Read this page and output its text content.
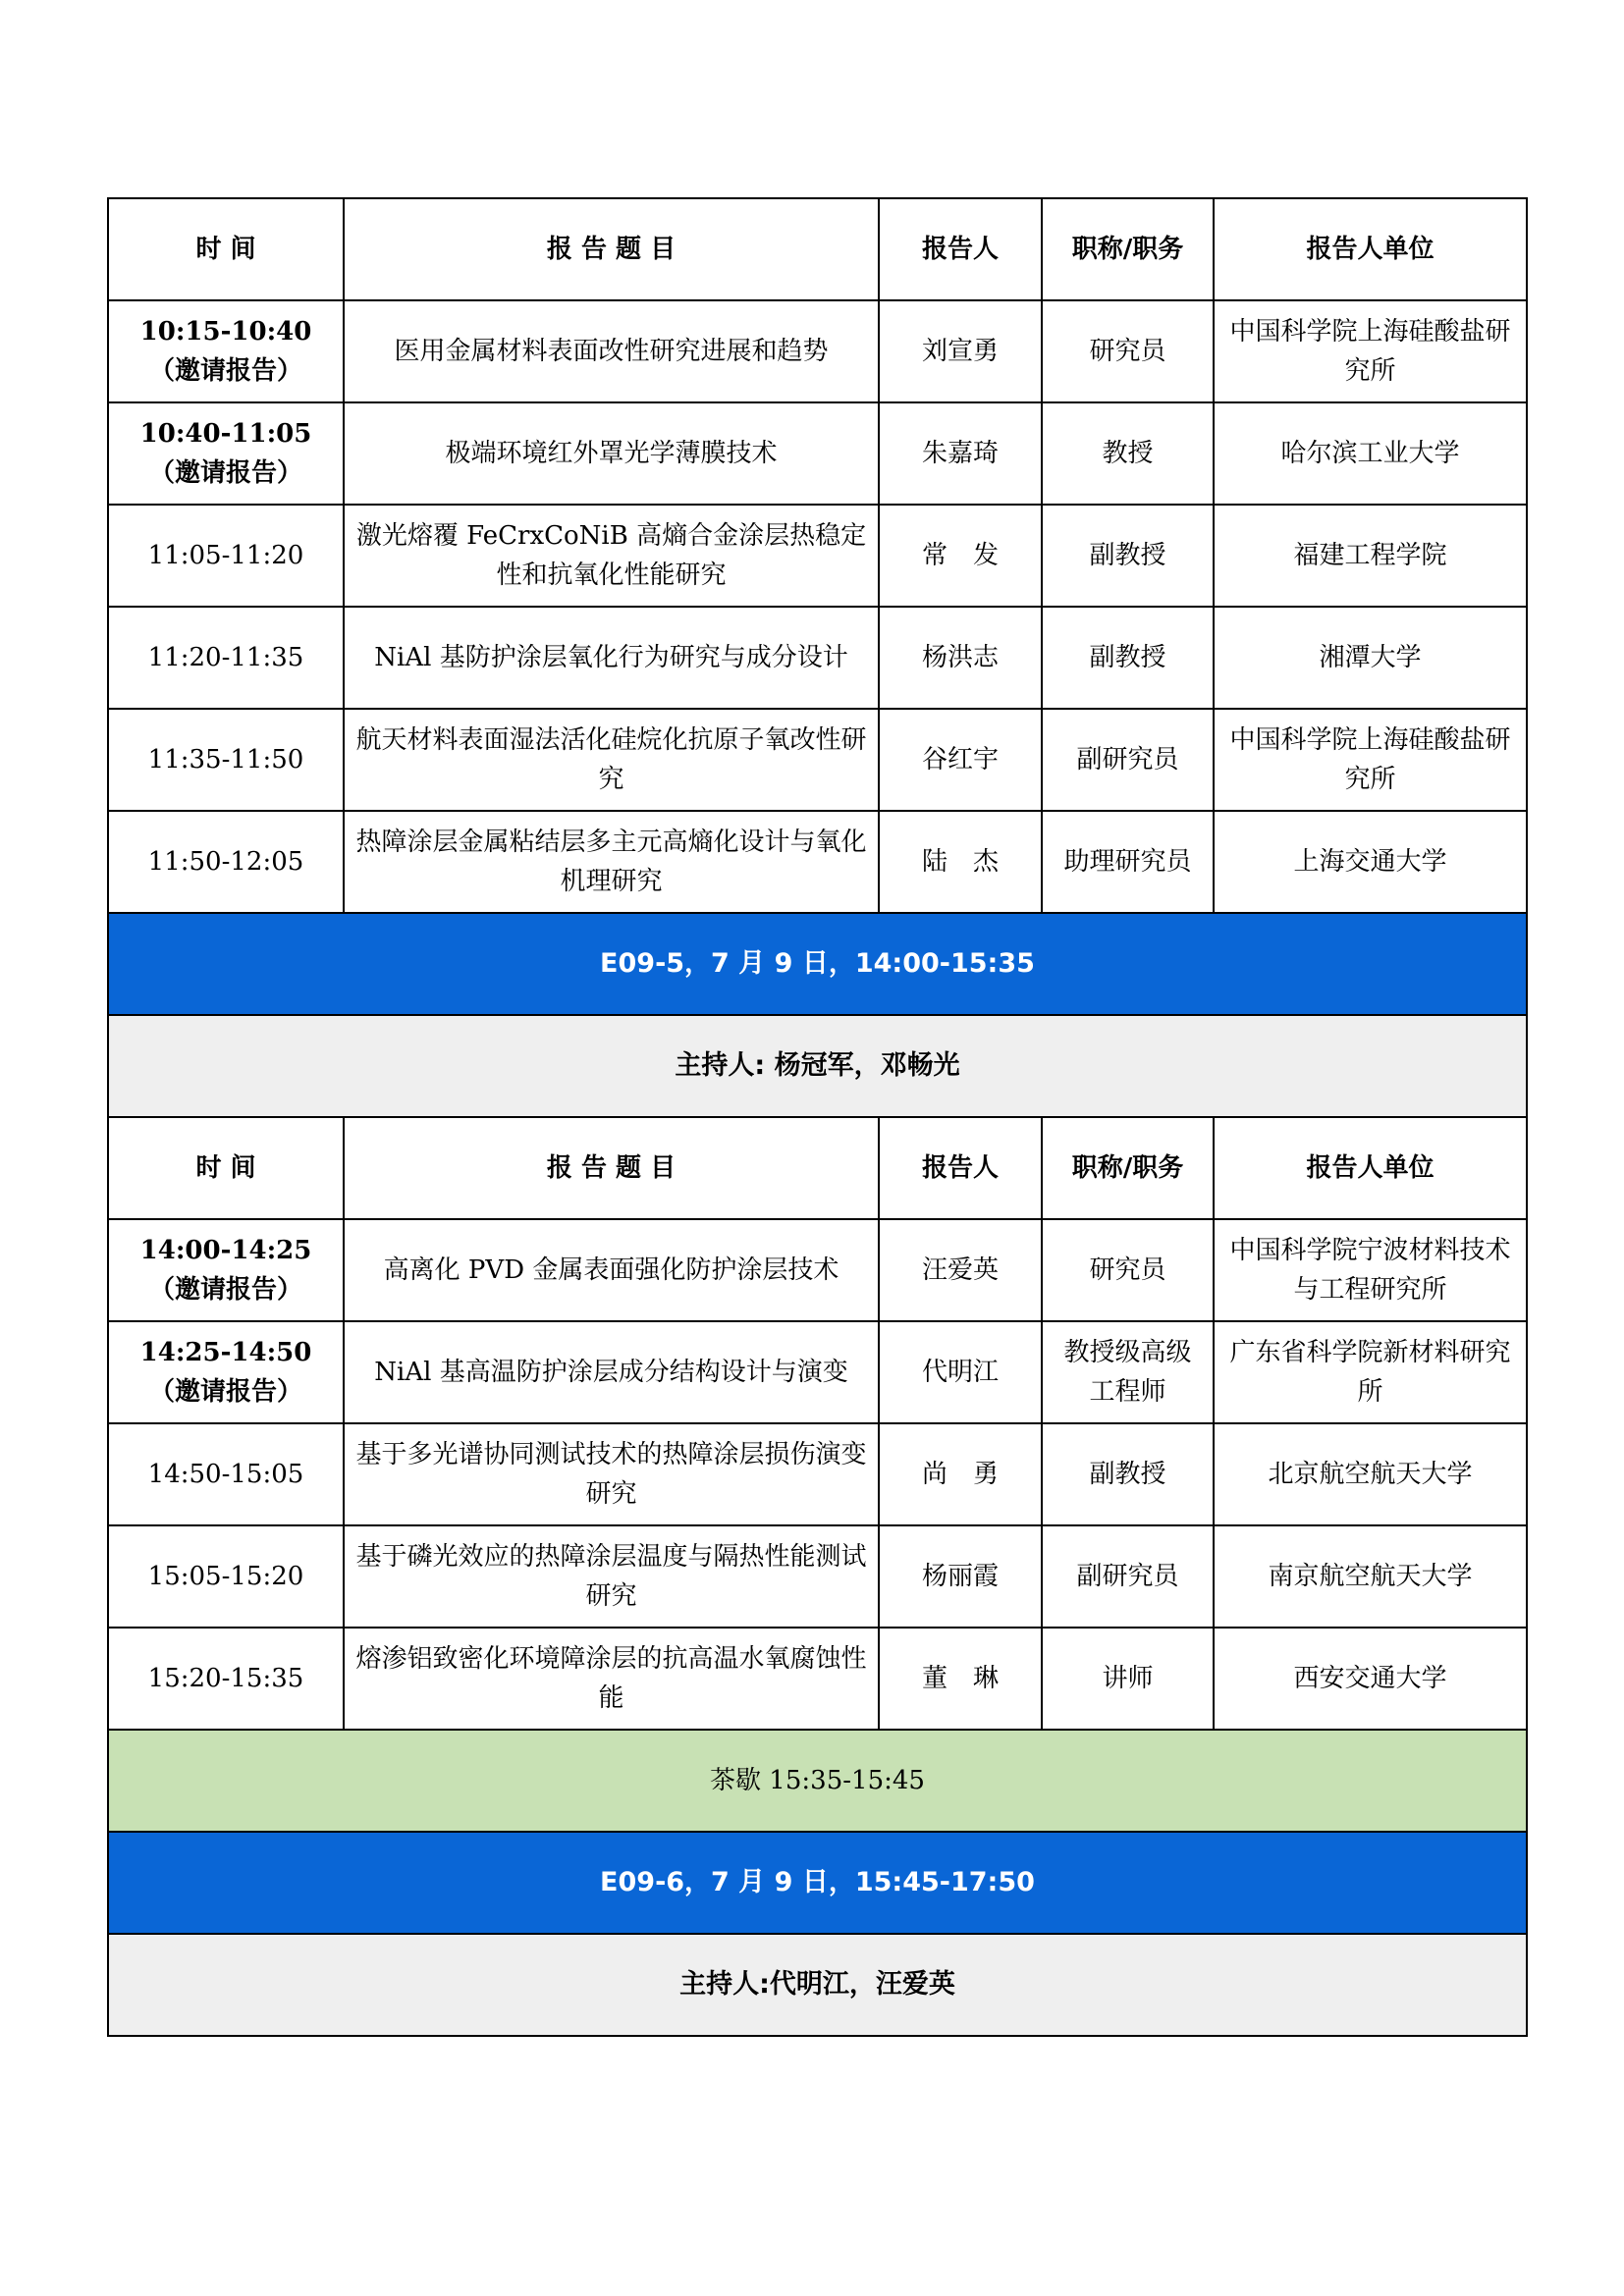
时 间	报 告 题 目	报告人	职称/职务	报告人单位

10:15-10:40
（邀请报告）	医用金属材料表面改性研究进展和趋势	刘宣勇	研究员	中国科学院上海硅酸盐研究所

10:40-11:05
（邀请报告）	极端环境红外罩光学薄膜技术	朱嘉琦	教授	哈尔滨工业大学

11:05-11:20	激光熔覆 FeCrxCoNiB 高熵合金涂层热稳定性和抗氧化性能研究	常　发	副教授	福建工程学院

11:20-11:35	NiAl 基防护涂层氧化行为研究与成分设计	杨洪志	副教授	湘潭大学

11:35-11:50	航天材料表面湿法活化硅烷化抗原子氧改性研究	谷红宇	副研究员	中国科学院上海硅酸盐研究所

11:50-12:05	热障涂层金属粘结层多主元高熵化设计与氧化机理研究	陆　杰	助理研究员	上海交通大学
E09-5，7 月 9 日，14:00-15:35				
主持人: 杨冠军，邓畅光				
时 间	报 告 题 目	报告人	职称/职务	报告人单位

14:00-14:25
（邀请报告）	高离化 PVD 金属表面强化防护涂层技术	汪爱英	研究员	中国科学院宁波材料技术与工程研究所

14:25-14:50
（邀请报告）	NiAl 基高温防护涂层成分结构设计与演变	代明江	教授级高级工程师	广东省科学院新材料研究所

14:50-15:05	基于多光谱协同测试技术的热障涂层损伤演变研究	尚　勇	副教授	北京航空航天大学

15:05-15:20	基于磷光效应的热障涂层温度与隔热性能测试研究	杨丽霞	副研究员	南京航空航天大学

15:20-15:35	熔渗铝致密化环境障涂层的抗高温水氧腐蚀性能	董　琳	讲师	西安交通大学
茶歇 15:35-15:45				
E09-6，7 月 9 日，15:45-17:50				
主持人:代明江，汪爱英				
